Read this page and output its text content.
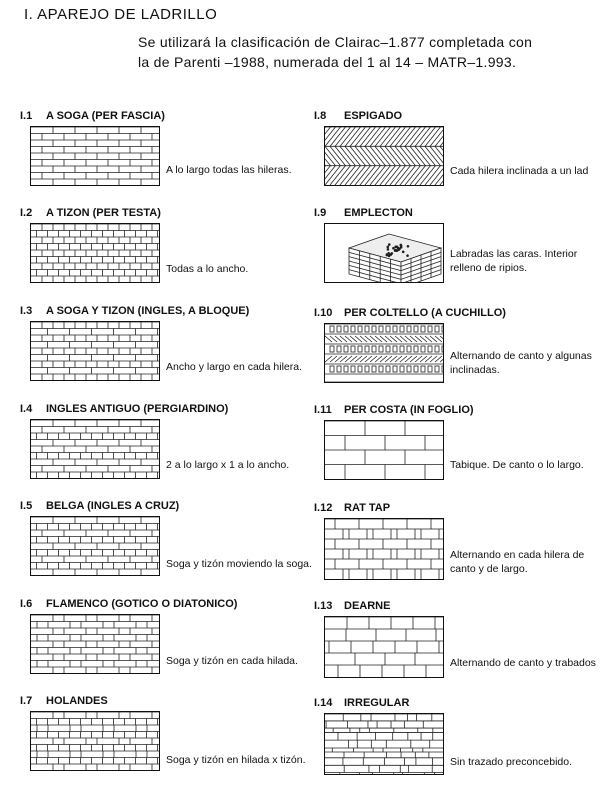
I. APAREJO DE LADRILLO
Se utilizará la clasificación de Clairac–1.877 completada con
la de Parenti –1988, numerada del 1 al 14 – MATR–1.993.
I.1 A SOGA (PER FASCIA)
A lo largo todas las hileras.
I.2 A TIZON (PER TESTA)
Todas a lo ancho.
I.3 A SOGA Y TIZON (INGLES, A BLOQUE)
Ancho y largo en cada hilera.
I.4 INGLES ANTIGUO (PERGIARDINO)
2 a lo largo x 1 a lo ancho.
I.5 BELGA (INGLES A CRUZ)
Soga y tizón moviendo la soga.
I.6 FLAMENCO (GOTICO O DIATONICO)
Soga y tizón en cada hilada.
I.7 HOLANDES
Soga y tizón en hilada x tizón.
I.8 ESPIGADO
Cada hilera inclinada a un lad
I.9 EMPLECTON
Labradas las caras. Interior
relleno de ripios.
I.10 PER COLTELLO (A CUCHILLO)
Alternando de canto y algunas
inclinadas.
I.11 PER COSTA (IN FOGLIO)
Tabique. De canto o lo largo.
I.12 RAT TAP
Alternando en cada hilera de
canto y de largo.
I.13 DEARNE
Alternando de canto y trabados
I.14 IRREGULAR
Sin trazado preconcebido.
